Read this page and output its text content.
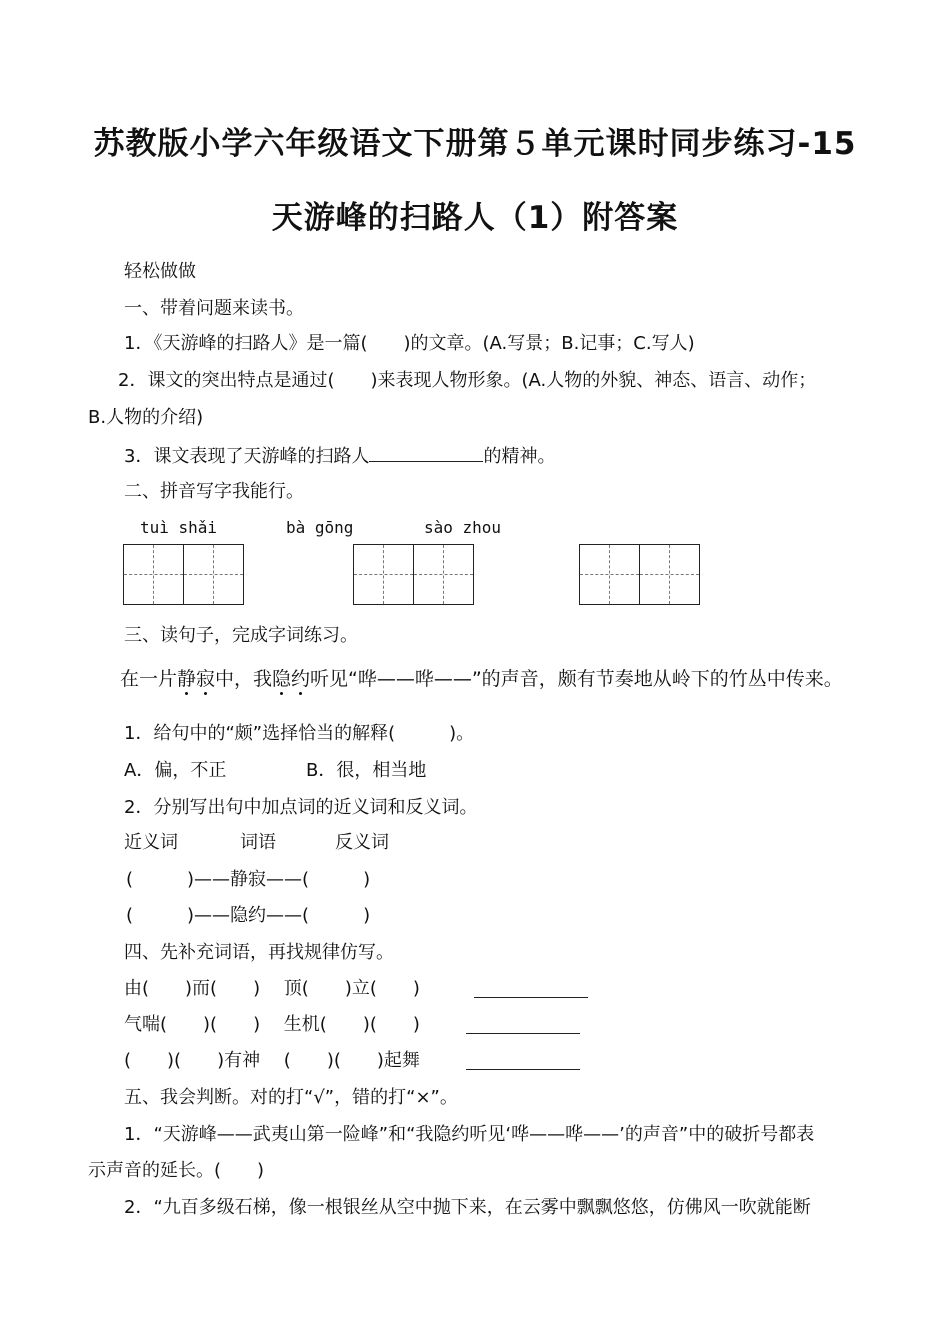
苏教版小学六年级语文下册第５单元课时同步练习-15
天游峰的扫路人（1）附答案
轻松做做
一、带着问题来读书。
1．《天游峰的扫路人》是一篇(　　)的文章。(A.写景；B.记事；C.写人)
2．课文的突出特点是通过(　　)来表现人物形象。(A.人物的外貌、神态、语言、动作；
B.人物的介绍)
3．课文表现了天游峰的扫路人	的精神。
二、拼音写字我能行。
tuì shǎi	bà gōng	sào zhou
三、读句子，完成字词练习。
在一片静寂中，我隐约听见“哗——哗——”的声音，颇有节奏地从岭下的竹丛中传来。
1．给句中的“颇”选择恰当的解释(　　　)。
A．偏，不正	B．很，相当地
2．分别写出句中加点词的近义词和反义词。
近义词	词语	反义词
(　　　)——静寂——(　　　)
(　　　)——隐约——(　　　)
四、先补充词语，再找规律仿写。
由(　　)而(　　)　 顶(　　)立(　　)
气喘(　　)(　　)　 生机(　　)(　　)
(　　)(　　)有神　 (　　)(　　)起舞
五、我会判断。对的打“√”，错的打“×”。
1．“天游峰——武夷山第一险峰”和“我隐约听见‘哗——哗——’的声音”中的破折号都表
示声音的延长。(　　)
2．“九百多级石梯，像一根银丝从空中抛下来，在云雾中飘飘悠悠，仿佛风一吹就能断
